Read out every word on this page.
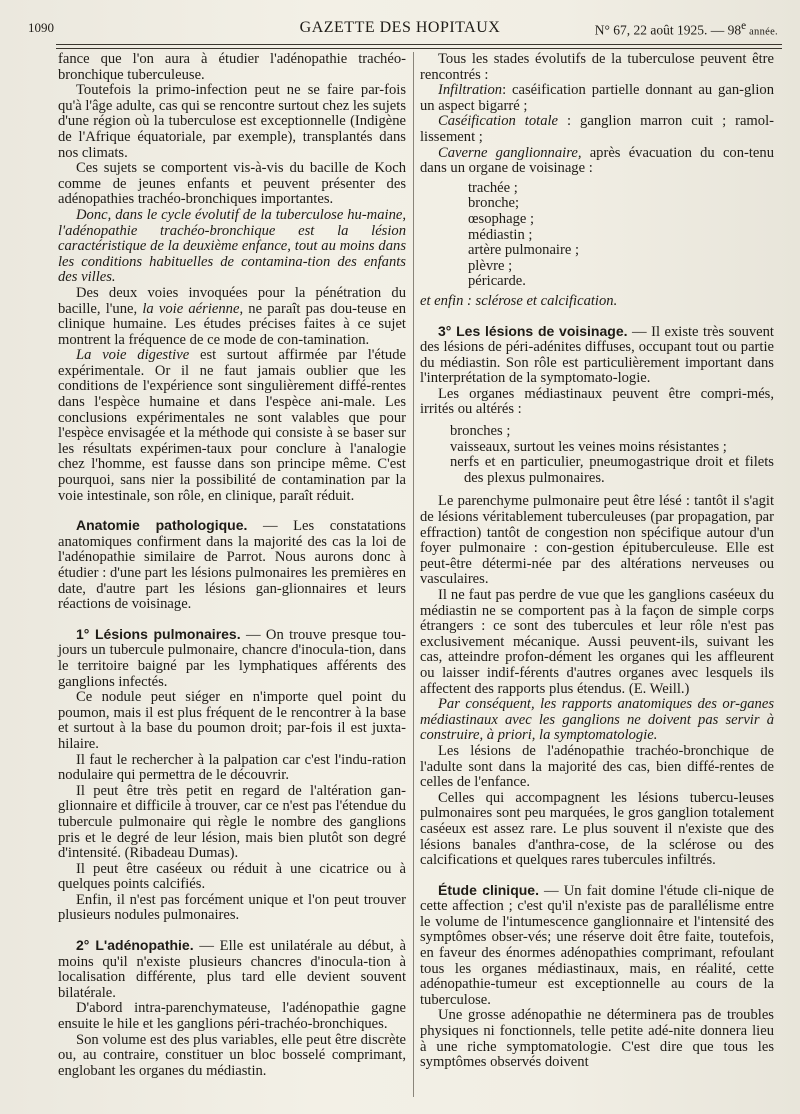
1090	GAZETTE DES HOPITAUX	N° 67, 22 août 1925. — 98e année.

fance que l'on aura à étudier l'adénopathie trachéo-bronchique tuberculeuse.

Toutefois la primo-infection peut ne se faire par-fois qu'à l'âge adulte, cas qui se rencontre surtout chez les sujets d'une région où la tuberculose est exceptionnelle (Indigène de l'Afrique équatoriale, par exemple), transplantés dans nos climats.

Ces sujets se comportent vis-à-vis du bacille de Koch comme de jeunes enfants et peuvent présenter des adénopathies trachéo-bronchiques importantes.

Donc, dans le cycle évolutif de la tuberculose hu-maine, l'adénopathie trachéo-bronchique est la lésion caractéristique de la deuxième enfance, tout au moins dans les conditions habituelles de contamina-tion des enfants des villes.

Des deux voies invoquées pour la pénétration du bacille, l'une, la voie aérienne, ne paraît pas dou-teuse en clinique humaine. Les études précises faites à ce sujet montrent la fréquence de ce mode de con-tamination.

La voie digestive est surtout affirmée par l'étude expérimentale. Or il ne faut jamais oublier que les conditions de l'expérience sont singulièrement diffé-rentes dans l'espèce humaine et dans l'espèce ani-male. Les conclusions expérimentales ne sont valables que pour l'espèce envisagée et la méthode qui consiste à se baser sur les résultats expérimen-taux pour conclure à l'analogie chez l'homme, est fausse dans son principe même. C'est pourquoi, sans nier la possibilité de contamination par la voie intestinale, son rôle, en clinique, paraît réduit.

Anatomie pathologique. — Les constatations anatomiques confirment dans la majorité des cas la loi de l'adénopathie similaire de Parrot. Nous aurons donc à étudier : d'une part les lésions pulmonaires les premières en date, d'autre part les lésions gan-glionnaires et leurs réactions de voisinage.

1° Lésions pulmonaires. — On trouve presque tou-jours un tubercule pulmonaire, chancre d'inocula-tion, dans le territoire baigné par les lymphatiques afférents des ganglions infectés.

Ce nodule peut siéger en n'importe quel point du poumon, mais il est plus fréquent de le rencontrer à la base et surtout à la base du poumon droit; par-fois il est juxta-hilaire.

Il faut le rechercher à la palpation car c'est l'indu-ration nodulaire qui permettra de le découvrir.

Il peut être très petit en regard de l'altération gan-glionnaire et difficile à trouver, car ce n'est pas l'étendue du tubercule pulmonaire qui règle le nombre des ganglions pris et le degré de leur lésion, mais bien plutôt son degré d'intensité. (Ribadeau Dumas).

Il peut être caséeux ou réduit à une cicatrice ou à quelques points calcifiés.

Enfin, il n'est pas forcément unique et l'on peut trouver plusieurs nodules pulmonaires.

2° L'adénopathie. — Elle est unilatérale au début, à moins qu'il n'existe plusieurs chancres d'inocula-tion à localisation différente, plus tard elle devient souvent bilatérale.

D'abord intra-parenchymateuse, l'adénopathie gagne ensuite le hile et les ganglions péri-trachéo-bronchiques.

Son volume est des plus variables, elle peut être discrète ou, au contraire, constituer un bloc bosselé comprimant, englobant les organes du médiastin.

Tous les stades évolutifs de la tuberculose peuvent être rencontrés :

Infiltration: caséification partielle donnant au gan-glion un aspect bigarré ;

Caséification totale : ganglion marron cuit ; ramol-lissement ;

Caverne ganglionnaire, après évacuation du con-tenu dans un organe de voisinage :

trachée ;
bronche;
œsophage ;
médiastin ;
artère pulmonaire ;
plèvre ;
péricarde.

et enfin : sclérose et calcification.

3° Les lésions de voisinage. — Il existe très souvent des lésions de péri-adénites diffuses, occupant tout ou partie du médiastin. Son rôle est particulièrement important dans l'interprétation de la symptomato-logie.

Les organes médiastinaux peuvent être compri-més, irrités ou altérés :

bronches ;
vaisseaux, surtout les veines moins résistantes ;
nerfs et en particulier, pneumogastrique droit et filets des plexus pulmonaires.

Le parenchyme pulmonaire peut être lésé : tantôt il s'agit de lésions véritablement tuberculeuses (par propagation, par effraction) tantôt de congestion non spécifique autour d'un foyer pulmonaire : con-gestion épituberculeuse. Elle est peut-être détermi-née par des altérations nerveuses ou vasculaires.

Il ne faut pas perdre de vue que les ganglions caséeux du médiastin ne se comportent pas à la façon de simple corps étrangers : ce sont des tubercules et leur rôle n'est pas exclusivement mécanique. Aussi peuvent-ils, suivant les cas, atteindre profon-dément les organes qui les affleurent ou laisser indif-férents d'autres organes avec lesquels ils affectent des rapports plus étendus. (E. Weill.)

Par conséquent, les rapports anatomiques des or-ganes médiastinaux avec les ganglions ne doivent pas servir à construire, à priori, la symptomatologie.

Les lésions de l'adénopathie trachéo-bronchique de l'adulte sont dans la majorité des cas, bien diffé-rentes de celles de l'enfance.

Celles qui accompagnent les lésions tubercu-leuses pulmonaires sont peu marquées, le gros ganglion totalement caséeux est assez rare. Le plus souvent il n'existe que des lésions banales d'anthra-cose, de la sclérose ou des calcifications et quelques rares tubercules infiltrés.

Étude clinique. — Un fait domine l'étude cli-nique de cette affection ; c'est qu'il n'existe pas de parallélisme entre le volume de l'intumescence ganglionnaire et l'intensité des symptômes obser-vés; une réserve doit être faite, toutefois, en faveur des énormes adénopathies comprimant, refoulant tous les organes médiastinaux, mais, en réalité, cette adénopathie-tumeur est exceptionnelle au cours de la tuberculose.

Une grosse adénopathie ne déterminera pas de troubles physiques ni fonctionnels, telle petite adé-nite donnera lieu à une riche symptomatologie. C'est dire que tous les symptômes observés doivent
